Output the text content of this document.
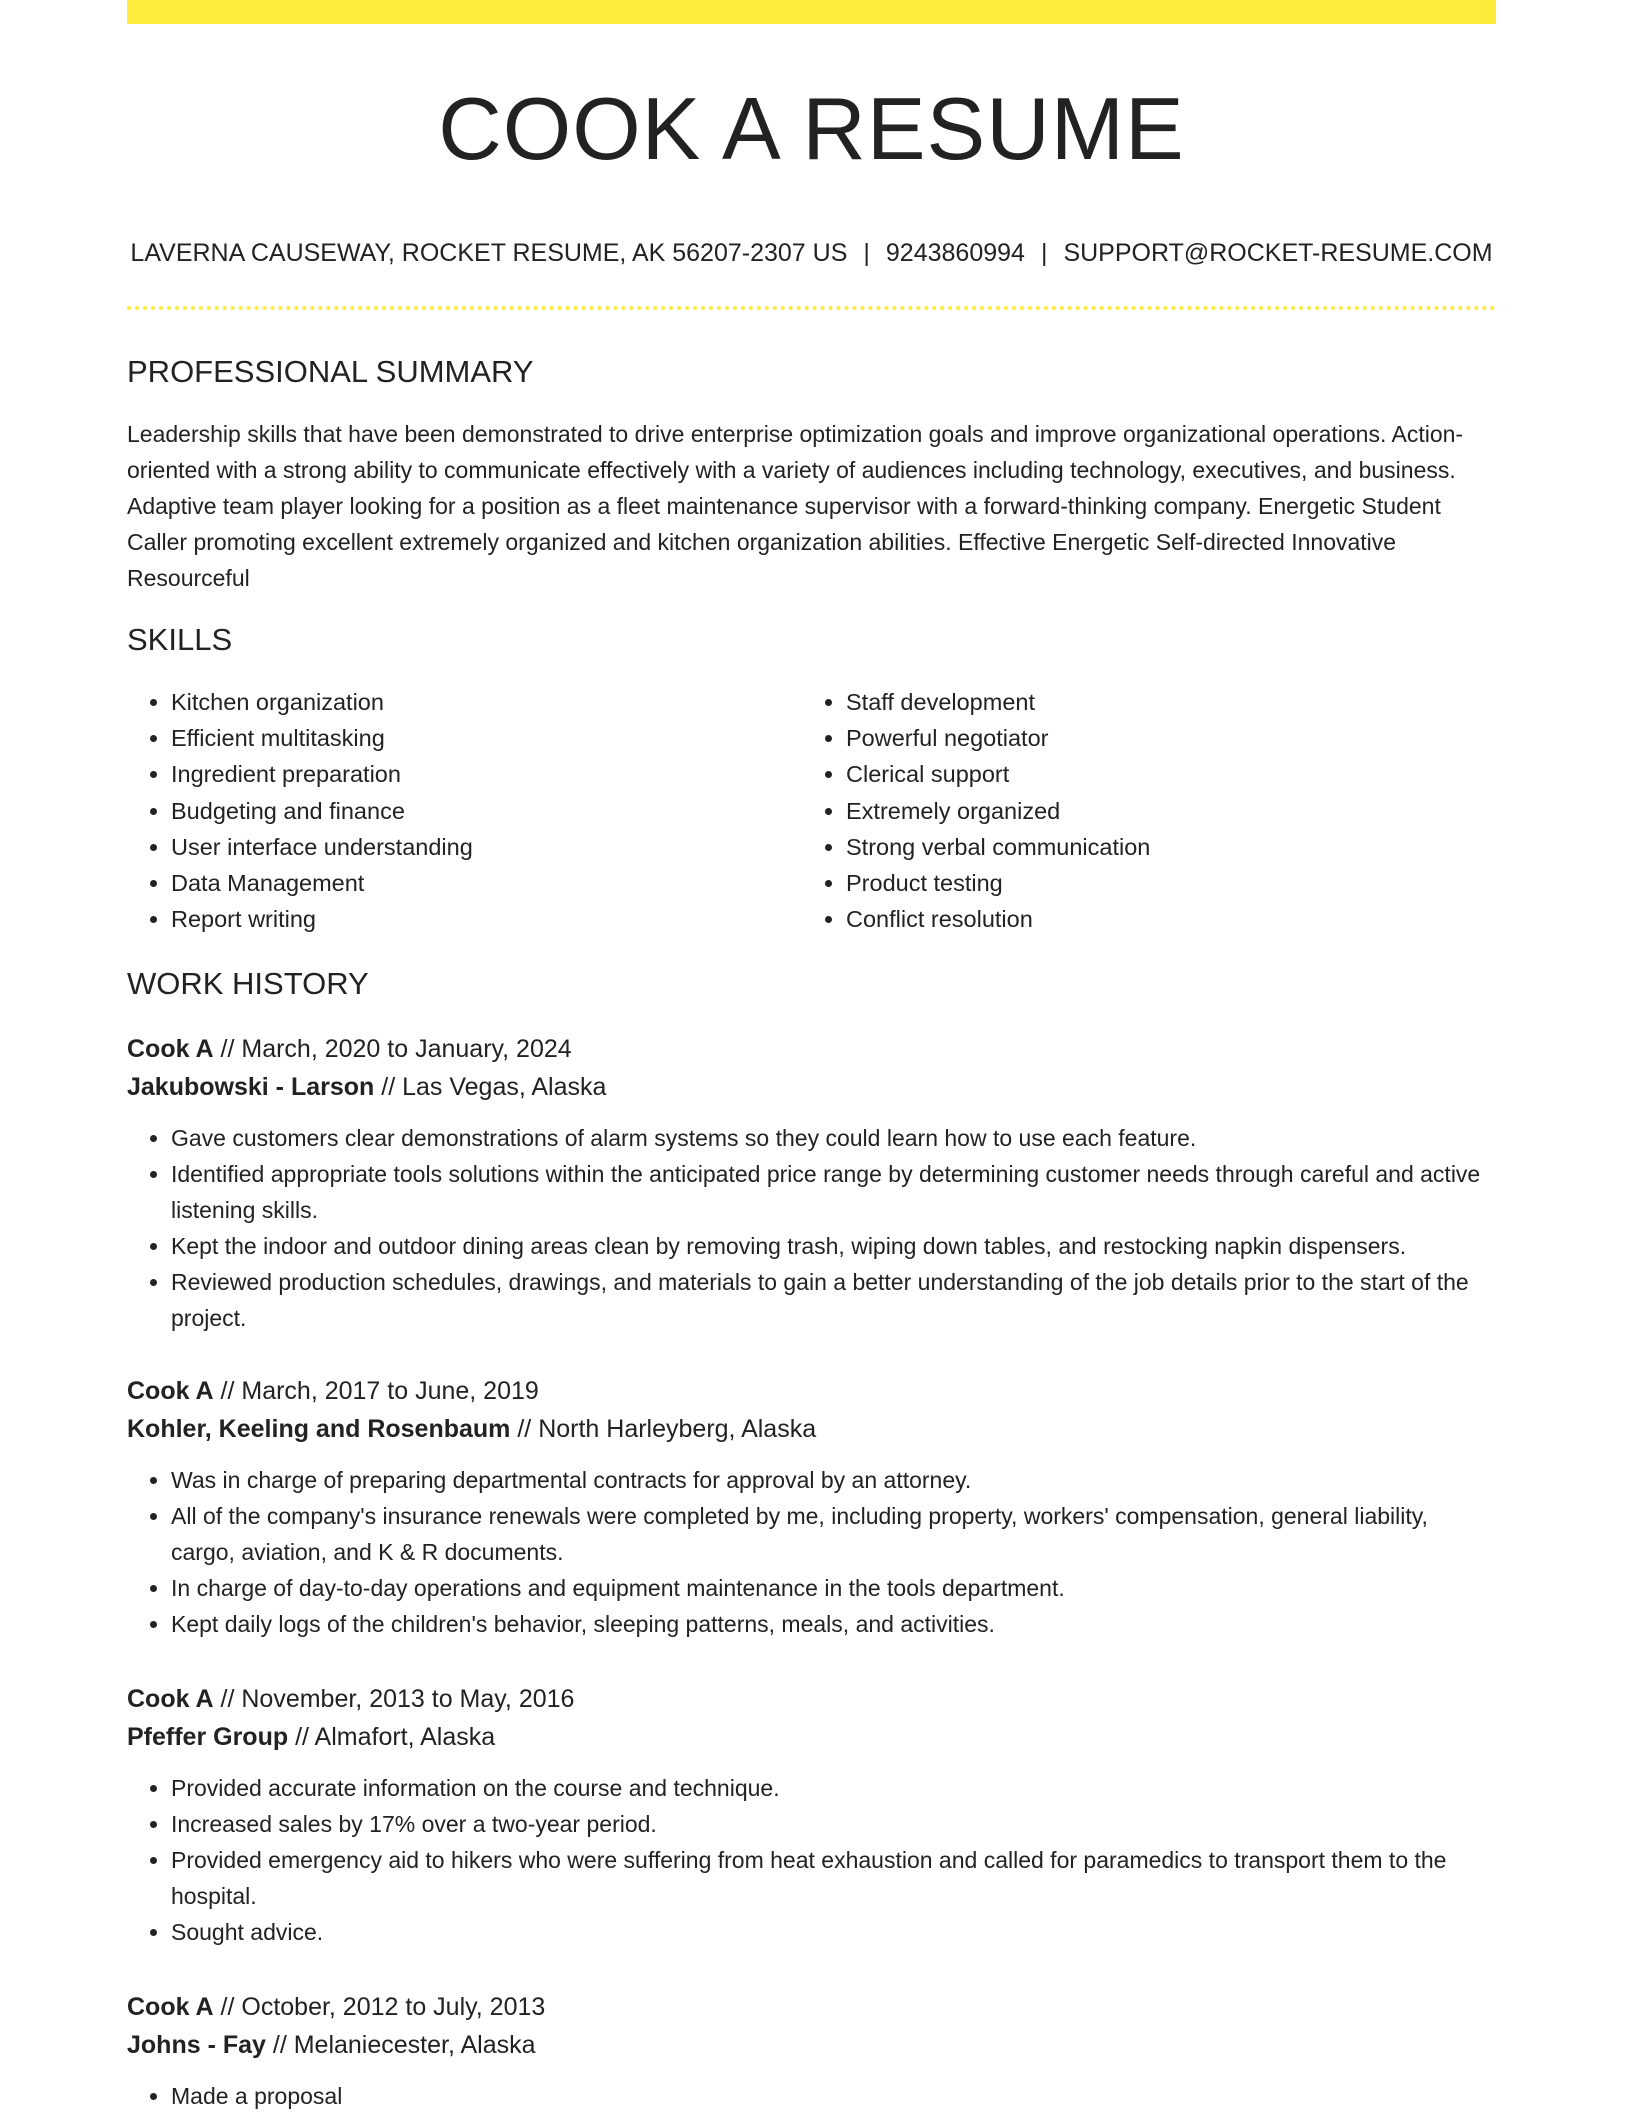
COOK A RESUME
LAVERNA CAUSEWAY, ROCKET RESUME, AK 56207-2307 US | 9243860994 | SUPPORT@ROCKET-RESUME.COM
PROFESSIONAL SUMMARY

Leadership skills that have been demonstrated to drive enterprise optimization goals and improve organizational operations. Action-oriented with a strong ability to communicate effectively with a variety of audiences including technology, executives, and business. Adaptive team player looking for a position as a fleet maintenance supervisor with a forward-thinking company. Energetic Student Caller promoting excellent extremely organized and kitchen organization abilities. Effective Energetic Self-directed Innovative Resourceful

SKILLS
• Kitchen organization
• Efficient multitasking
• Ingredient preparation
• Budgeting and finance
• User interface understanding
• Data Management
• Report writing
• Staff development
• Powerful negotiator
• Clerical support
• Extremely organized
• Strong verbal communication
• Product testing
• Conflict resolution
WORK HISTORY

Cook A // March, 2020 to January, 2024

Jakubowski - Larson // Las Vegas, Alaska

• Gave customers clear demonstrations of alarm systems so they could learn how to use each feature.
• Identified appropriate tools solutions within the anticipated price range by determining customer needs through careful and active listening skills.
• Kept the indoor and outdoor dining areas clean by removing trash, wiping down tables, and restocking napkin dispensers.
• Reviewed production schedules, drawings, and materials to gain a better understanding of the job details prior to the start of the project.

Cook A // March, 2017 to June, 2019

Kohler, Keeling and Rosenbaum // North Harleyberg, Alaska

• Was in charge of preparing departmental contracts for approval by an attorney.
• All of the company's insurance renewals were completed by me, including property, workers' compensation, general liability, cargo, aviation, and K & R documents.
• In charge of day-to-day operations and equipment maintenance in the tools department.
• Kept daily logs of the children's behavior, sleeping patterns, meals, and activities.

Cook A // November, 2013 to May, 2016

Pfeffer Group // Almafort, Alaska

• Provided accurate information on the course and technique.
• Increased sales by 17% over a two-year period.
• Provided emergency aid to hikers who were suffering from heat exhaustion and called for paramedics to transport them to the hospital.
• Sought advice.

Cook A // October, 2012 to July, 2013

Johns - Fay // Melaniecester, Alaska

• Made a proposal
